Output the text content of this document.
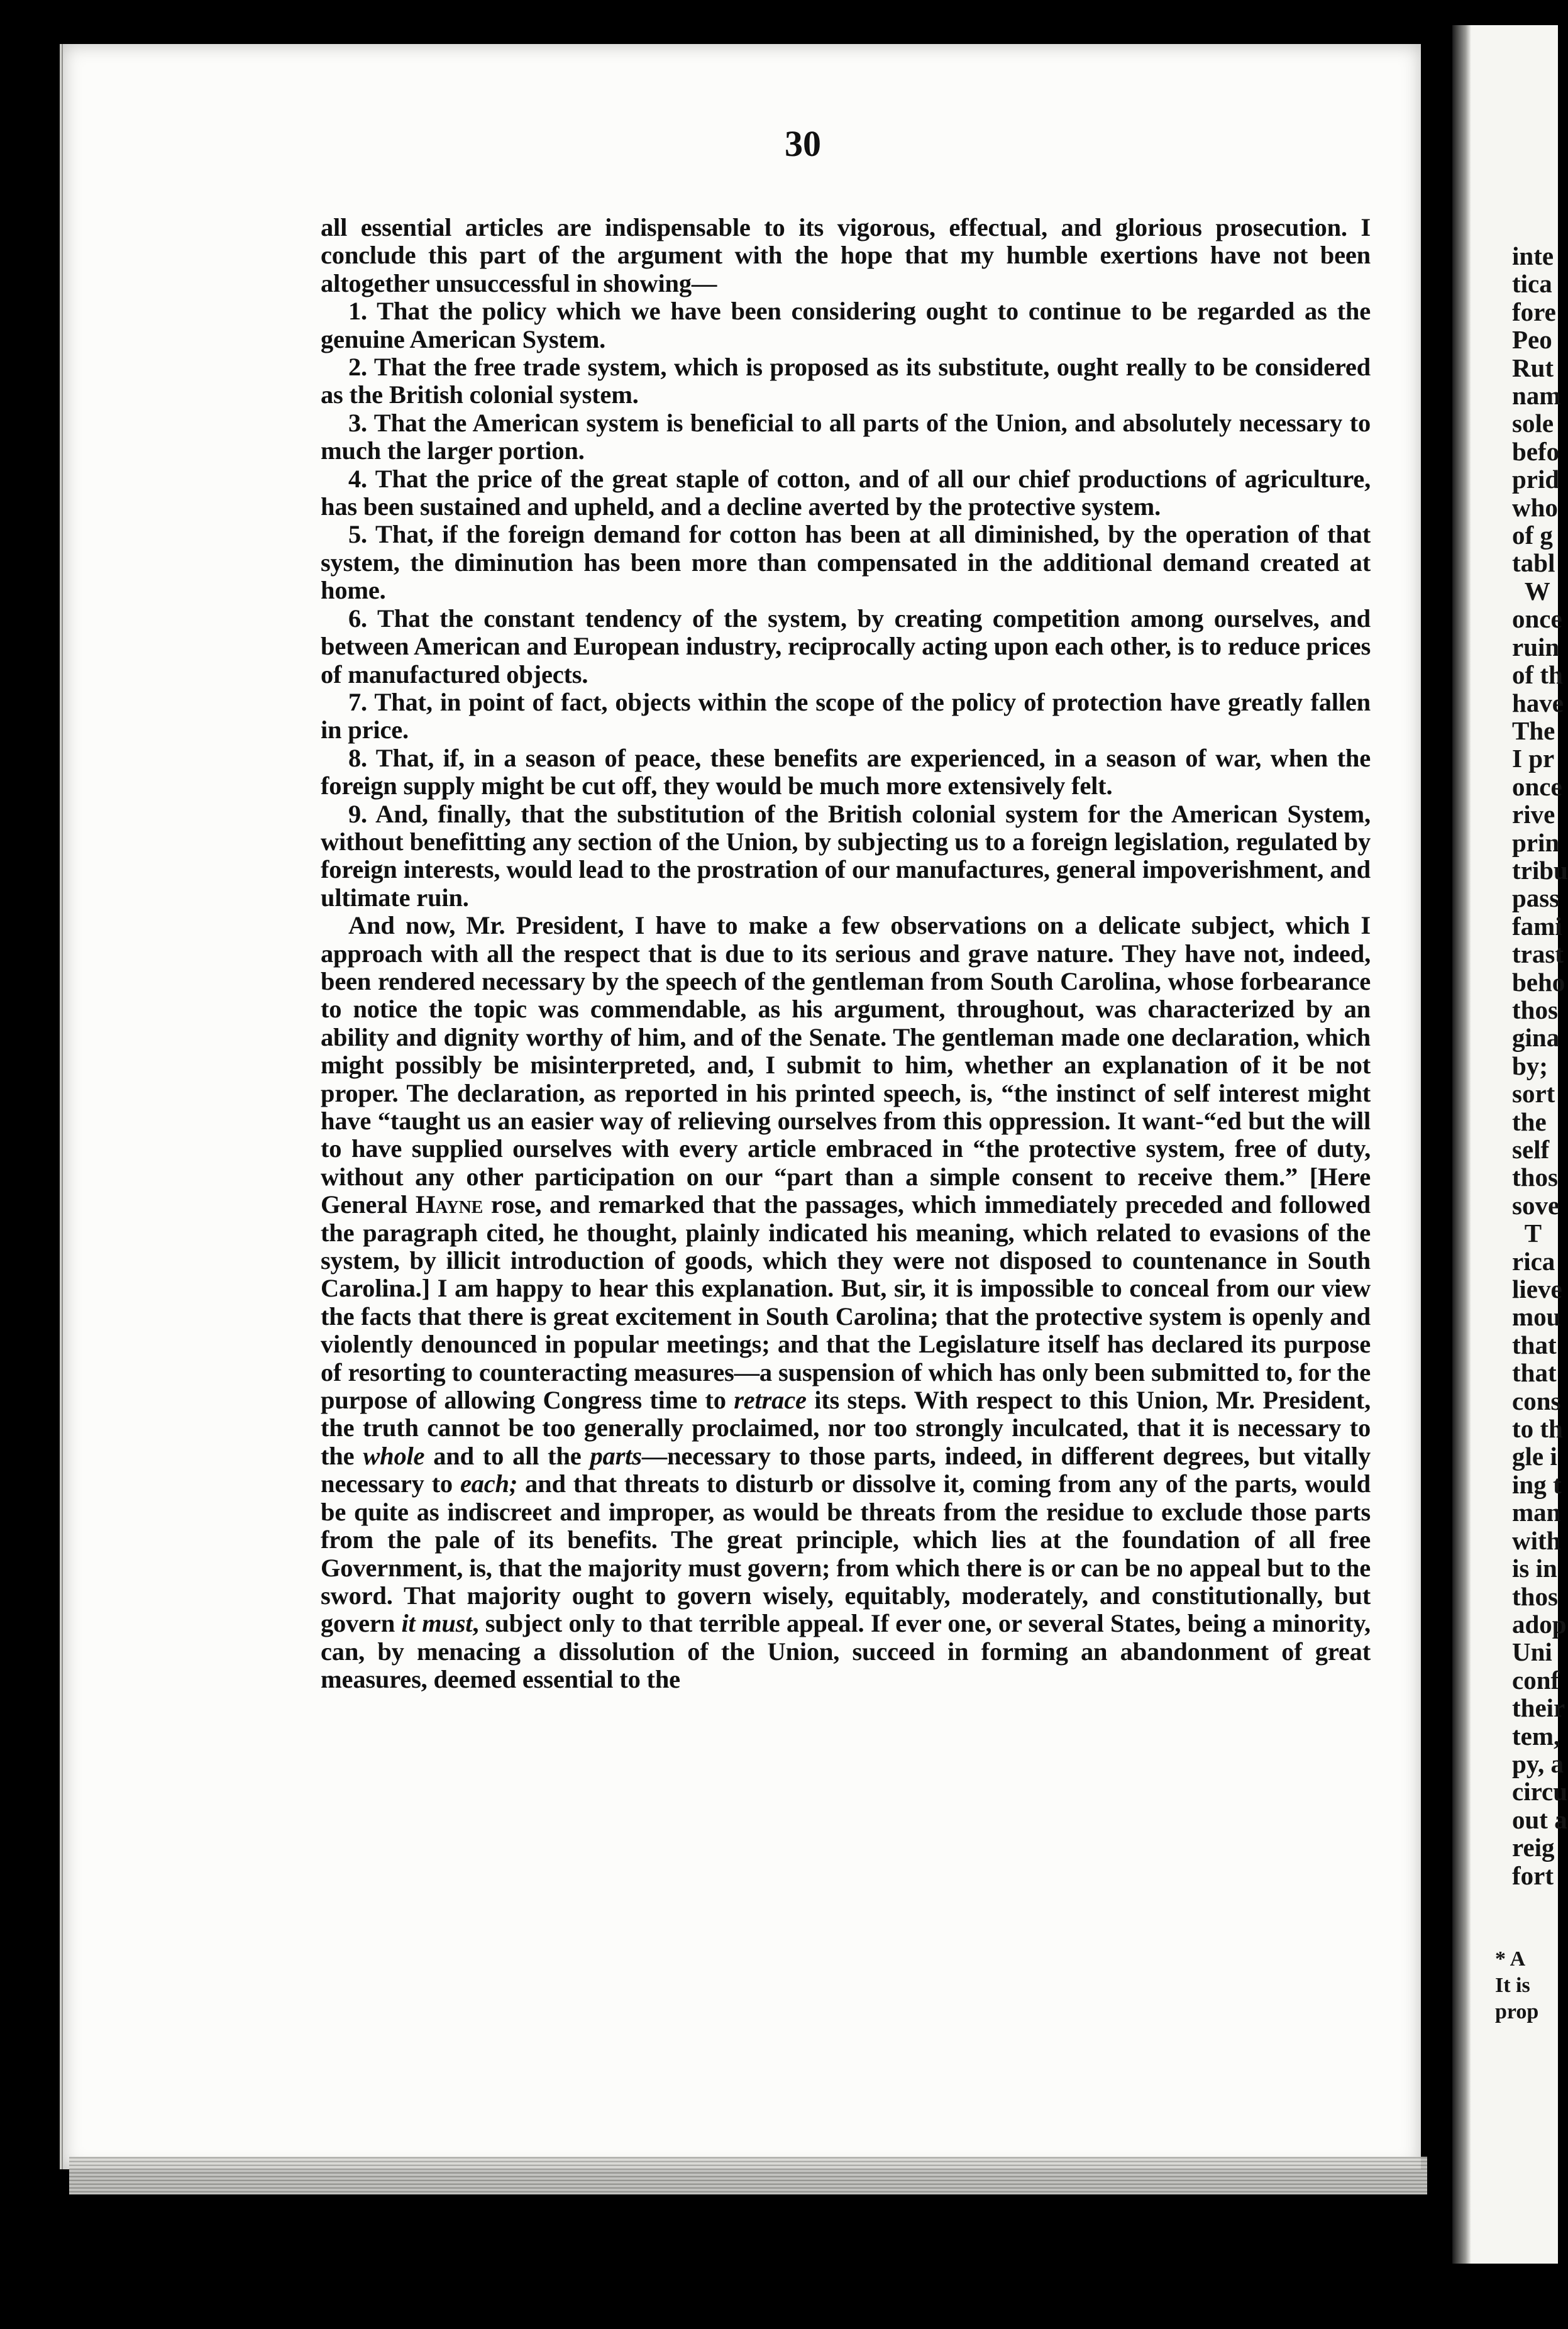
inte
tica
fore
Peo
Rut
nam
sole
befo
prid
who
of g
tabl
W
once
ruin
of th
have
The
I pr
once
rive
prin
tribu
pass
fami
trast
beho
thos
gina
by;
sort
the
self
thos
sove
T
rica
lieve
mou
that
that
cons
to th
gle i
ing t
man
with
is in
thos
adop
Uni
conf
their
tem,
py, a
circu
out a
reig
fort
* A
It is
prop
30

all essential articles are indispensable to its vigorous, effectual, and glorious prosecution. I conclude this part of the argument with the hope that my humble exertions have not been altogether unsuccessful in showing—

1. That the policy which we have been considering ought to continue to be regarded as the genuine American System.

2. That the free trade system, which is proposed as its substitute, ought really to be considered as the British colonial system.

3. That the American system is beneficial to all parts of the Union, and absolutely necessary to much the larger portion.

4. That the price of the great staple of cotton, and of all our chief productions of agriculture, has been sustained and upheld, and a decline averted by the protective system.

5. That, if the foreign demand for cotton has been at all diminished, by the operation of that system, the diminution has been more than compensated in the additional demand created at home.

6. That the constant tendency of the system, by creating competition among ourselves, and between American and European industry, reciprocally acting upon each other, is to reduce prices of manufactured objects.

7. That, in point of fact, objects within the scope of the policy of protection have greatly fallen in price.

8. That, if, in a season of peace, these benefits are experienced, in a season of war, when the foreign supply might be cut off, they would be much more extensively felt.

9. And, finally, that the substitution of the British colonial system for the American System, without benefitting any section of the Union, by subjecting us to a foreign legislation, regulated by foreign interests, would lead to the prostration of our manufactures, general impoverishment, and ultimate ruin.

And now, Mr. President, I have to make a few observations on a delicate subject, which I approach with all the respect that is due to its serious and grave nature. They have not, indeed, been rendered necessary by the speech of the gentleman from South Carolina, whose forbearance to notice the topic was commendable, as his argument, throughout, was characterized by an ability and dignity worthy of him, and of the Senate. The gentleman made one declaration, which might possibly be misinterpreted, and, I submit to him, whether an explanation of it be not proper. The declaration, as reported in his printed speech, is, “the instinct of self interest might have “taught us an easier way of relieving ourselves from this oppression. It want-“ed but the will to have supplied ourselves with every article embraced in “the protective system, free of duty, without any other participation on our “part than a simple consent to receive them.” [Here General Hayne rose, and remarked that the passages, which immediately preceded and followed the paragraph cited, he thought, plainly indicated his meaning, which related to evasions of the system, by illicit introduction of goods, which they were not disposed to countenance in South Carolina.] I am happy to hear this explanation. But, sir, it is impossible to conceal from our view the facts that there is great excitement in South Carolina; that the protective system is openly and violently denounced in popular meetings; and that the Legislature itself has declared its purpose of resorting to counteracting measures—a suspension of which has only been submitted to, for the purpose of allowing Congress time to retrace its steps. With respect to this Union, Mr. President, the truth cannot be too generally proclaimed, nor too strongly inculcated, that it is necessary to the whole and to all the parts—necessary to those parts, indeed, in different degrees, but vitally necessary to each; and that threats to disturb or dissolve it, coming from any of the parts, would be quite as indiscreet and improper, as would be threats from the residue to exclude those parts from the pale of its benefits. The great principle, which lies at the foundation of all free Government, is, that the majority must govern; from which there is or can be no appeal but to the sword. That majority ought to govern wisely, equitably, moderately, and constitutionally, but govern it must, subject only to that terrible appeal. If ever one, or several States, being a minority, can, by menacing a dissolution of the Union, succeed in forming an abandonment of great measures, deemed essential to the
